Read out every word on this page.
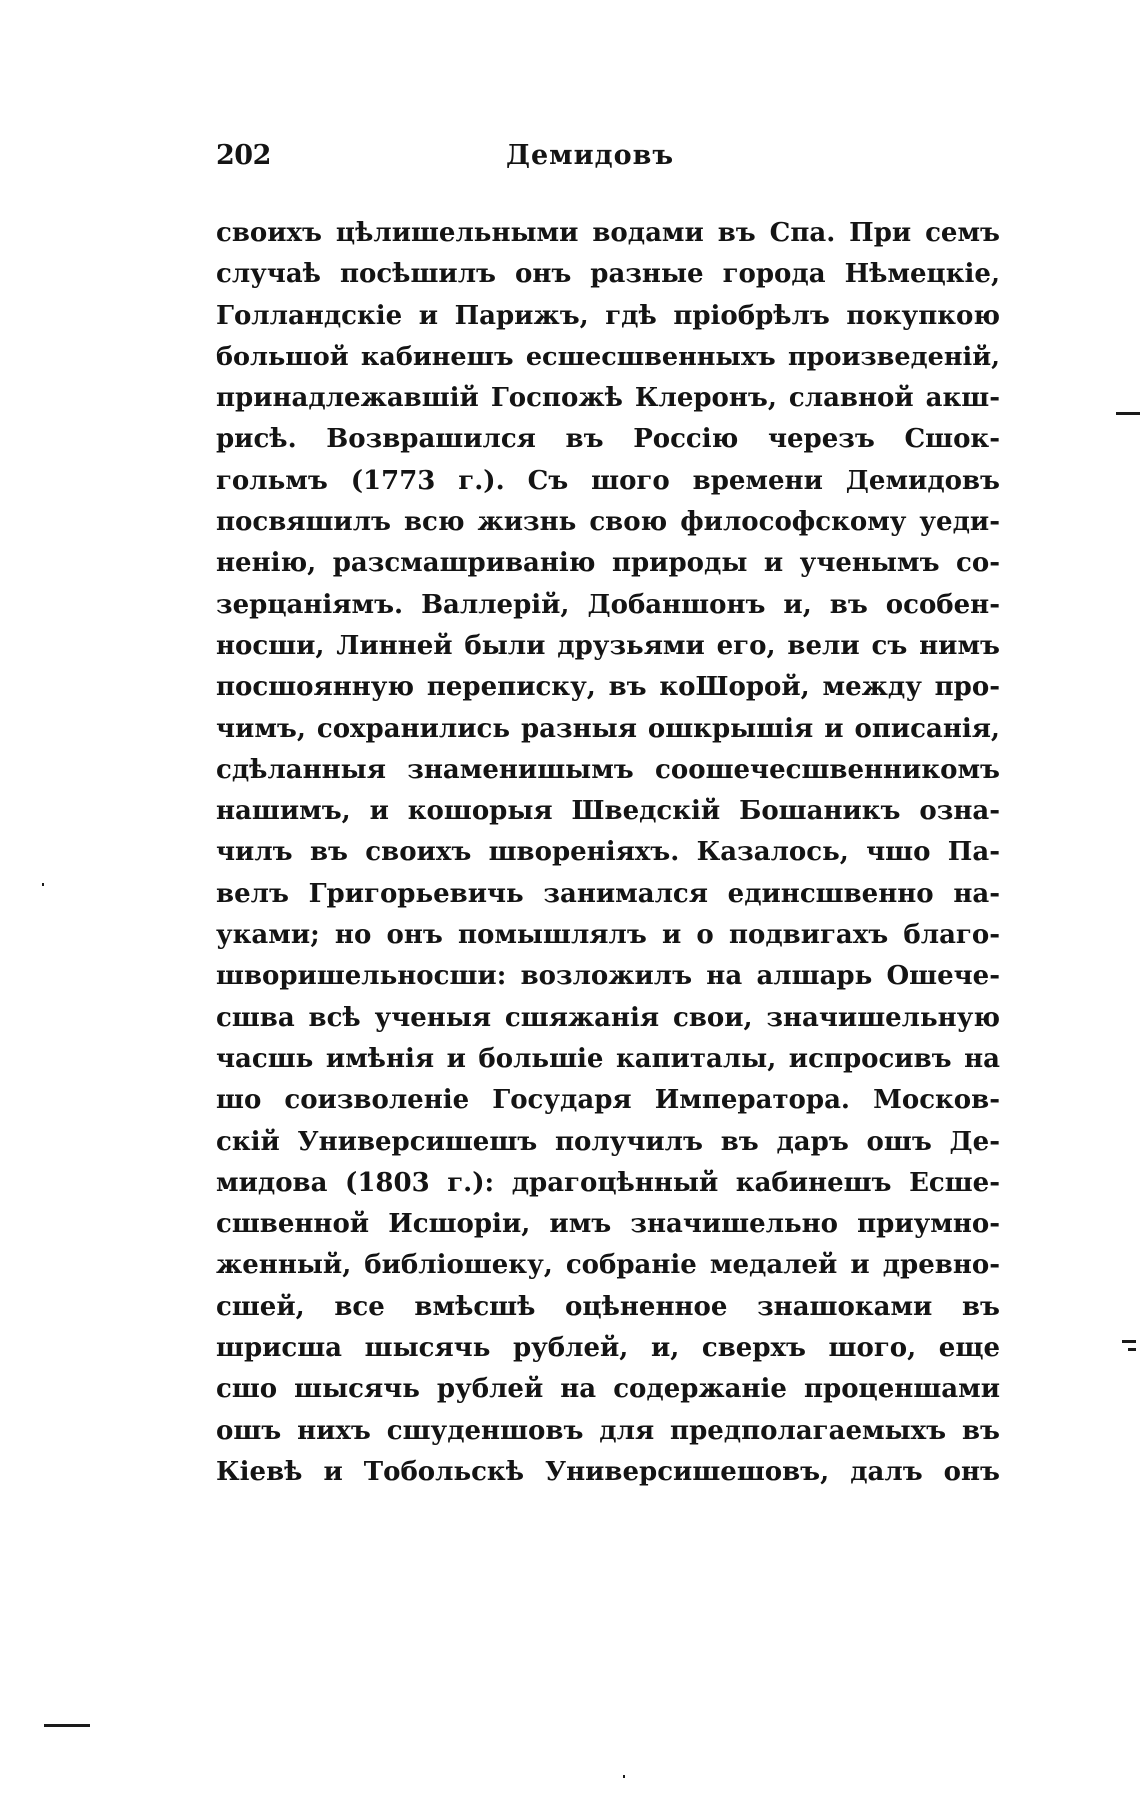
202	Демидовъ
своихъ цѣлишельными водами въ Спа. При семъ
случаѣ посѣшилъ онъ разные города Нѣмецкіе,
Голландскіе и Парижъ, гдѣ пріобрѣлъ покупкою
большой кабинешъ есшесшвенныхъ произведеній,
принадлежавшій Госпожѣ Клеронъ, славной акш-
рисѣ. Возврашился въ Россію черезъ Сшок-
гольмъ (1773 г.). Съ шого времени Демидовъ
посвяшилъ всю жизнь свою философскому уеди-
ненію, разсмашриванію природы и ученымъ со-
зерцаніямъ. Валлерій, Добаншонъ и, въ особен-
носши, Линней были друзьями его, вели съ нимъ
посшоянную переписку, въ коШорой, между про-
чимъ, сохранились разныя ошкрышія и описанія,
сдѣланныя знаменишымъ соошечесшвенникомъ
нашимъ, и кошорыя Шведскій Бошаникъ озна-
чилъ въ своихъ шворенiяхъ. Казалось, чшо Па-
велъ Григорьевичь занимался единсшвенно на-
уками; но онъ помышлялъ и о подвигахъ благо-
шворишельносши: возложилъ на алшарь Ошече-
сшва всѣ ученыя сшяжанія свои, значишельную
часшь имѣнія и большіе капиталы, испросивъ на
шо соизволеніе Государя Императора. Москов-
скій Универсишешъ получилъ въ даръ ошъ Де-
мидова (1803 г.): драгоцѣнный кабинешъ Есше-
сшвенной Исшоріи, имъ значишельно приумно-
женный, библіошеку, собраніе медалей и древно-
сшей, все вмѣсшѣ оцѣненное знашоками въ
шрисша шысячь рублей, и, сверхъ шого, еще
сшо шысячь рублей на содержаніе проценшами
ошъ нихъ сшуденшовъ для предполагаемыхъ въ
Кіевѣ и Тобольскѣ Универсишешовъ, далъ онъ
